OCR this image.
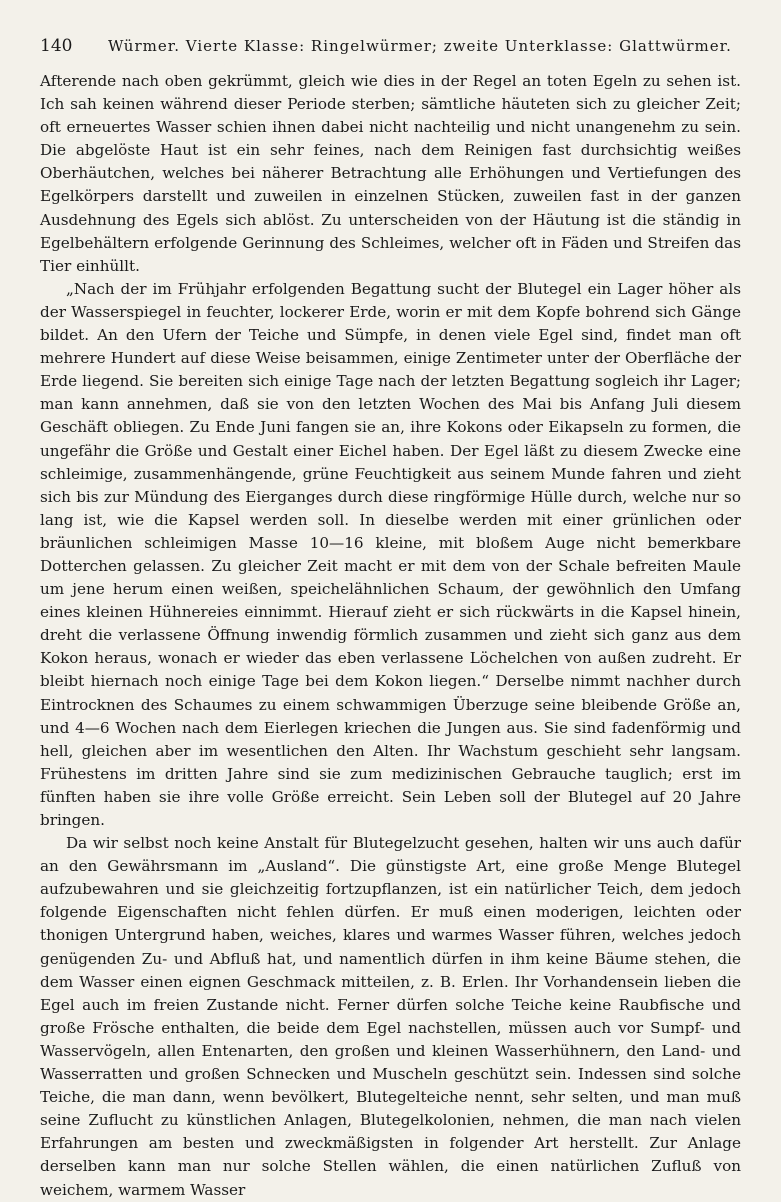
140	Würmer. Vierte Klasse: Ringelwürmer; zweite Unterklasse: Glattwürmer.

Afterende nach oben gekrümmt, gleich wie dies in der Regel an toten Egeln zu sehen ist. Ich sah keinen während dieser Periode sterben; sämtliche häuteten sich zu gleicher Zeit; oft erneuertes Wasser schien ihnen dabei nicht nachteilig und nicht unangenehm zu sein. Die abgelöste Haut ist ein sehr feines, nach dem Reinigen fast durchsichtig weißes Oberhäutchen, welches bei näherer Betrachtung alle Erhöhungen und Vertiefungen des Egelkörpers darstellt und zuweilen in einzelnen Stücken, zuweilen fast in der ganzen Ausdehnung des Egels sich ablöst. Zu unterscheiden von der Häutung ist die ständig in Egelbehältern erfolgende Gerinnung des Schleimes, welcher oft in Fäden und Streifen das Tier einhüllt.

„Nach der im Frühjahr erfolgenden Begattung sucht der Blutegel ein Lager höher als der Wasserspiegel in feuchter, lockerer Erde, worin er mit dem Kopfe bohrend sich Gänge bildet. An den Ufern der Teiche und Sümpfe, in denen viele Egel sind, findet man oft mehrere Hundert auf diese Weise beisammen, einige Zentimeter unter der Oberfläche der Erde liegend. Sie bereiten sich einige Tage nach der letzten Begattung sogleich ihr Lager; man kann annehmen, daß sie von den letzten Wochen des Mai bis Anfang Juli diesem Geschäft obliegen. Zu Ende Juni fangen sie an, ihre Kokons oder Eikapseln zu formen, die ungefähr die Größe und Gestalt einer Eichel haben. Der Egel läßt zu diesem Zwecke eine schleimige, zusammenhängende, grüne Feuchtigkeit aus seinem Munde fahren und zieht sich bis zur Mündung des Eierganges durch diese ringförmige Hülle durch, welche nur so lang ist, wie die Kapsel werden soll. In dieselbe werden mit einer grünlichen oder bräunlichen schleimigen Masse 10—16 kleine, mit bloßem Auge nicht bemerkbare Dotterchen gelassen. Zu gleicher Zeit macht er mit dem von der Schale befreiten Maule um jene herum einen weißen, speichelähnlichen Schaum, der gewöhnlich den Umfang eines kleinen Hühnereies einnimmt. Hierauf zieht er sich rückwärts in die Kapsel hinein, dreht die verlassene Öffnung inwendig förmlich zusammen und zieht sich ganz aus dem Kokon heraus, wonach er wieder das eben verlassene Löchelchen von außen zudreht. Er bleibt hiernach noch einige Tage bei dem Kokon liegen.“ Derselbe nimmt nachher durch Eintrocknen des Schaumes zu einem schwammigen Überzuge seine bleibende Größe an, und 4—6 Wochen nach dem Eierlegen kriechen die Jungen aus. Sie sind fadenförmig und hell, gleichen aber im wesentlichen den Alten. Ihr Wachstum geschieht sehr langsam. Frühestens im dritten Jahre sind sie zum medizinischen Gebrauche tauglich; erst im fünften haben sie ihre volle Größe erreicht. Sein Leben soll der Blutegel auf 20 Jahre bringen.

Da wir selbst noch keine Anstalt für Blutegelzucht gesehen, halten wir uns auch dafür an den Gewährsmann im „Ausland“. Die günstigste Art, eine große Menge Blutegel aufzubewahren und sie gleichzeitig fortzupflanzen, ist ein natürlicher Teich, dem jedoch folgende Eigenschaften nicht fehlen dürfen. Er muß einen moderigen, leichten oder thonigen Untergrund haben, weiches, klares und warmes Wasser führen, welches jedoch genügenden Zu- und Abfluß hat, und namentlich dürfen in ihm keine Bäume stehen, die dem Wasser einen eignen Geschmack mitteilen, z. B. Erlen. Ihr Vorhandensein lieben die Egel auch im freien Zustande nicht. Ferner dürfen solche Teiche keine Raubfische und große Frösche enthalten, die beide dem Egel nachstellen, müssen auch vor Sumpf- und Wasservögeln, allen Entenarten, den großen und kleinen Wasserhühnern, den Land- und Wasserratten und großen Schnecken und Muscheln geschützt sein. Indessen sind solche Teiche, die man dann, wenn bevölkert, Blutegelteiche nennt, sehr selten, und man muß seine Zuflucht zu künstlichen Anlagen, Blutegelkolonien, nehmen, die man nach vielen Erfahrungen am besten und zweckmäßigsten in folgender Art herstellt. Zur Anlage derselben kann man nur solche Stellen wählen, die einen natürlichen Zufluß von weichem, warmem Wasser
